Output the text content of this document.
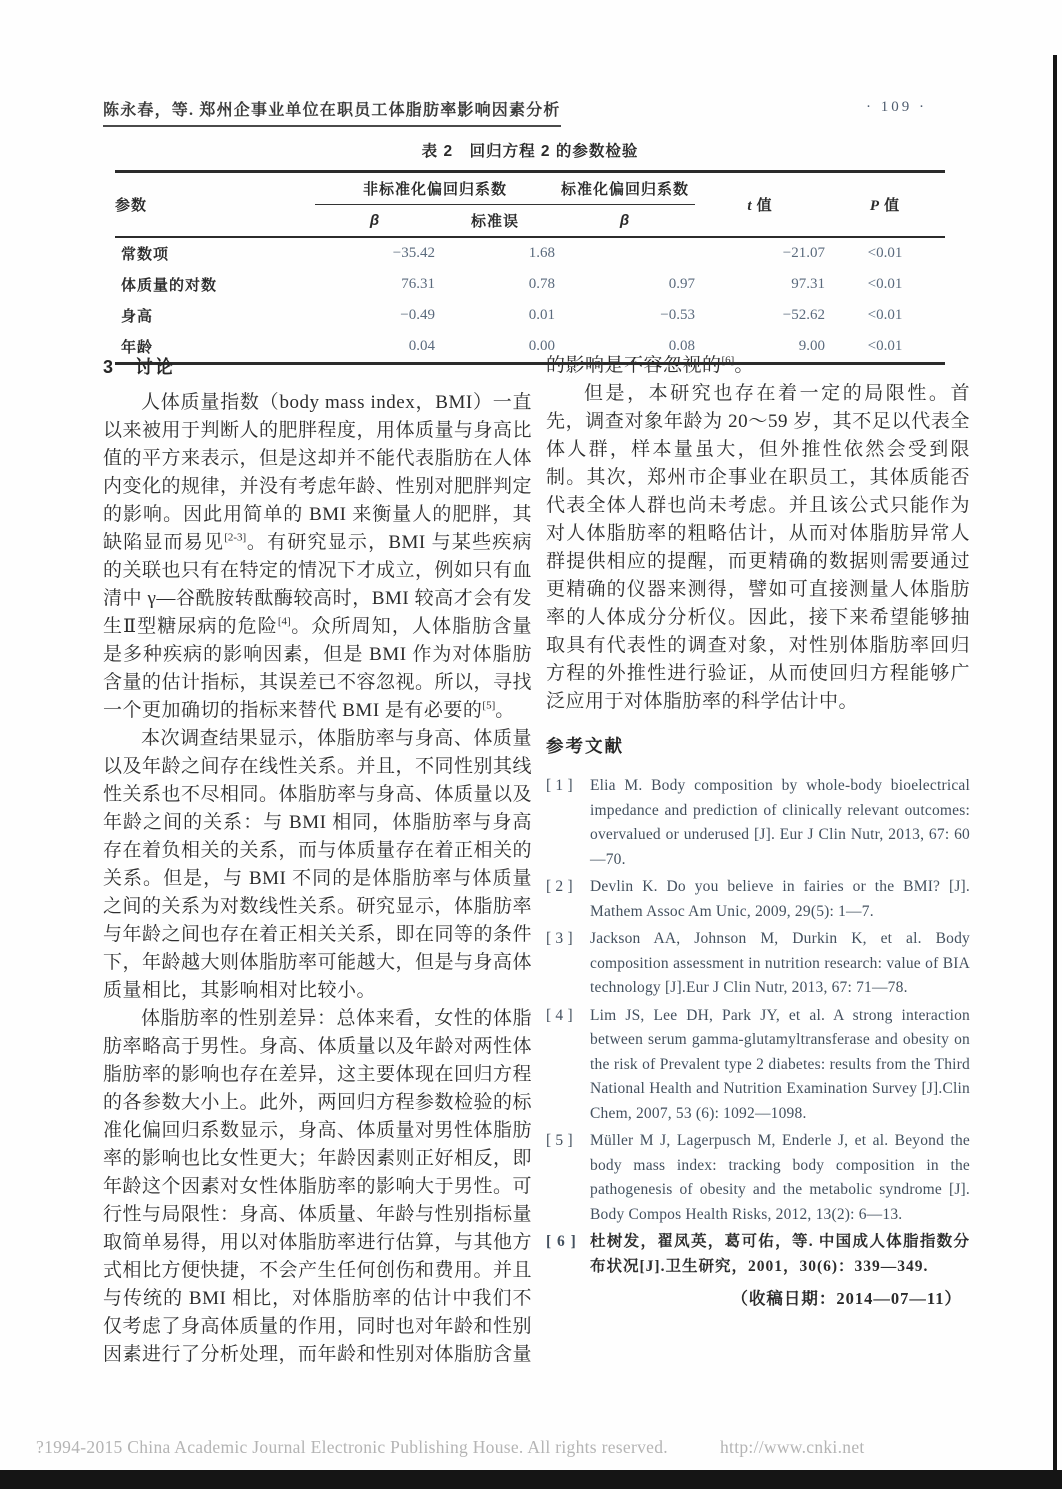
陈永春，等. 郑州企事业单位在职员工体脂肪率影响因素分析	· 109 ·
表 2　回归方程 2 的参数检验
参数	非标准化偏回归系数		标准化偏回归系数	t 值	P 值
	β	标准误	β		
常数项	−35.42	1.68		−21.07	<0.01
体质量的对数	76.31	0.78	0.97	97.31	<0.01
身高	−0.49	0.01	−0.53	−52.62	<0.01
年龄	0.04	0.00	0.08	9.00	<0.01
3　讨论

人体质量指数（body mass index，BMI）一直以来被用于判断人的肥胖程度，用体质量与身高比值的平方来表示，但是这却并不能代表脂肪在人体内变化的规律，并没有考虑年龄、性别对肥胖判定的影响。因此用简单的 BMI 来衡量人的肥胖，其缺陷显而易见[2-3]。有研究显示，BMI 与某些疾病的关联也只有在特定的情况下才成立，例如只有血清中 γ—谷酰胺转酞酶较高时，BMI 较高才会有发生Ⅱ型糖尿病的危险[4]。众所周知，人体脂肪含量是多种疾病的影响因素，但是 BMI 作为对体脂肪含量的估计指标，其误差已不容忽视。所以，寻找一个更加确切的指标来替代 BMI 是有必要的[5]。

本次调查结果显示，体脂肪率与身高、体质量以及年龄之间存在线性关系。并且，不同性别其线性关系也不尽相同。体脂肪率与身高、体质量以及年龄之间的关系：与 BMI 相同，体脂肪率与身高存在着负相关的关系，而与体质量存在着正相关的关系。但是，与 BMI 不同的是体脂肪率与体质量之间的关系为对数线性关系。研究显示，体脂肪率与年龄之间也存在着正相关关系，即在同等的条件下，年龄越大则体脂肪率可能越大，但是与身高体质量相比，其影响相对比较小。

体脂肪率的性别差异：总体来看，女性的体脂肪率略高于男性。身高、体质量以及年龄对两性体脂肪率的影响也存在差异，这主要体现在回归方程的各参数大小上。此外，两回归方程参数检验的标准化偏回归系数显示，身高、体质量对男性体脂肪率的影响也比女性更大；年龄因素则正好相反，即年龄这个因素对女性体脂肪率的影响大于男性。可行性与局限性：身高、体质量、年龄与性别指标量取简单易得，用以对体脂肪率进行估算，与其他方式相比方便快捷，不会产生任何创伤和费用。并且与传统的 BMI 相比，对体脂肪率的估计中我们不仅考虑了身高体质量的作用，同时也对年龄和性别因素进行了分析处理，而年龄和性别对体脂肪含量

的影响是不容忽视的[6]。

但是，本研究也存在着一定的局限性。首先，调查对象年龄为 20～59 岁，其不足以代表全体人群，样本量虽大，但外推性依然会受到限制。其次，郑州市企事业在职员工，其体质能否代表全体人群也尚未考虑。并且该公式只能作为对人体脂肪率的粗略估计，从而对体脂肪异常人群提供相应的提醒，而更精确的数据则需要通过更精确的仪器来测得，譬如可直接测量人体脂肪率的人体成分分析仪。因此，接下来希望能够抽取具有代表性的调查对象，对性别体脂肪率回归方程的外推性进行验证，从而使回归方程能够广泛应用于对体脂肪率的科学估计中。

参考文献
[ 1 ] Elia M. Body composition by whole-body bioelectrical impedance and prediction of clinically relevant outcomes: overvalued or underused [J]. Eur J Clin Nutr, 2013, 67: 60—70.
[ 2 ] Devlin K. Do you believe in fairies or the BMI? [J]. Mathem Assoc Am Unic, 2009, 29(5): 1—7.
[ 3 ] Jackson AA, Johnson M, Durkin K, et al. Body composition assessment in nutrition research: value of BIA technology [J].Eur J Clin Nutr, 2013, 67: 71—78.
[ 4 ] Lim JS, Lee DH, Park JY, et al. A strong interaction between serum gamma-glutamyltransferase and obesity on the risk of Prevalent type 2 diabetes: results from the Third National Health and Nutrition Examination Survey [J].Clin Chem, 2007, 53 (6): 1092—1098.
[ 5 ] Müller M J, Lagerpusch M, Enderle J, et al. Beyond the body mass index: tracking body composition in the pathogenesis of obesity and the metabolic syndrome [J]. Body Compos Health Risks, 2012, 13(2): 6—13.
[ 6 ] 杜树发，翟凤英，葛可佑，等. 中国成人体脂指数分布状况[J].卫生研究，2001，30(6)：339—349.
（收稿日期：2014—07—11）
?1994-2015 China Academic Journal Electronic Publishing House. All rights reserved.	http://www.cnki.net
